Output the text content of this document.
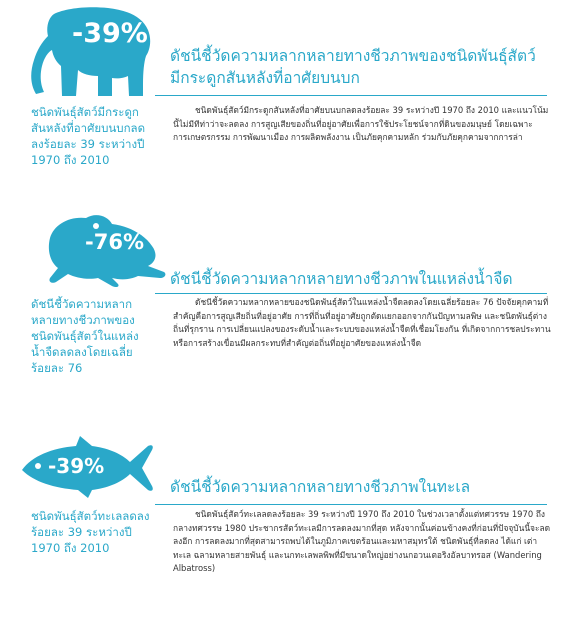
-39%
ดัชนีชี้วัดความหลากหลายทางชีวภาพของชนิดพันธุ์สัตว์มีกระดูกสันหลังที่อาศัยบนบก
ชนิดพันธุ์สัตว์มีกระดูกสันหลังที่อาศัยบนบกลดลงร้อยละ 39 ระหว่างปี 1970 ถึง 2010
ชนิดพันธุ์สัตว์มีกระดูกสันหลังที่อาศัยบนบกลดลงร้อยละ 39 ระหว่างปี 1970 ถึง 2010 และแนวโน้มนี้ไม่มีทีท่าว่าจะลดลง การสูญเสียของถิ่นที่อยู่อาศัยเพื่อการใช้ประโยชน์จากที่ดินของมนุษย์ โดยเฉพาะการเกษตรกรรม การพัฒนาเมือง การผลิตพลังงาน เป็นภัยคุกคามหลัก ร่วมกับภัยคุกคามจากการล่า
-76%
ดัชนีชี้วัดความหลากหลายทางชีวภาพในแหล่งน้ำจืด
ดัชนีชี้วัดความหลากหลายทางชีวภาพของชนิดพันธุ์สัตว์ในแหล่งน้ำจืดลดลงโดยเฉลี่ยร้อยละ 76
ดัชนีชี้วัดความหลากหลายของชนิดพันธุ์สัตว์ในแหล่งน้ำจืดลดลงโดยเฉลี่ยร้อยละ 76 ปัจจัยคุกคามที่สำคัญคือการสูญเสียถิ่นที่อยู่อาศัย การที่ถิ่นที่อยู่อาศัยถูกตัดแยกออกจากกันปัญหามลพิษ และชนิดพันธุ์ต่างถิ่นที่รุกราน การเปลี่ยนแปลงของระดับน้ำและระบบของแหล่งน้ำจืดที่เชื่อมโยงกัน ที่เกิดจากการชลประทาน หรือการสร้างเขื่อนมีผลกระทบที่สำคัญต่อถิ่นที่อยู่อาศัยของแหล่งน้ำจืด
-39%
ดัชนีชี้วัดความหลากหลายทางชีวภาพในทะเล
ชนิดพันธุ์สัตว์ทะเลลดลงร้อยละ 39 ระหว่างปี 1970 ถึง 2010
ชนิดพันธุ์สัตว์ทะเลลดลงร้อยละ 39 ระหว่างปี 1970 ถึง 2010 ในช่วงเวลาตั้งแต่ทศวรรษ 1970 ถึงกลางทศวรรษ 1980 ประชากรสัตว์ทะเลมีการลดลงมากที่สุด หลังจากนั้นค่อนข้างคงที่ก่อนที่ปัจจุบันนี้จะลดลงอีก การลดลงมากที่สุดสามารถพบได้ในภูมิภาคเขตร้อนและมหาสมุทรใต้ ชนิดพันธุ์ที่ลดลง ได้แก่ เต่าทะเล ฉลามหลายสายพันธุ์ และนกทะเลพลพิพที่มีขนาดใหญ่อย่างนกอวนเตอริงอัลบาทรอส (Wandering Albatross)
